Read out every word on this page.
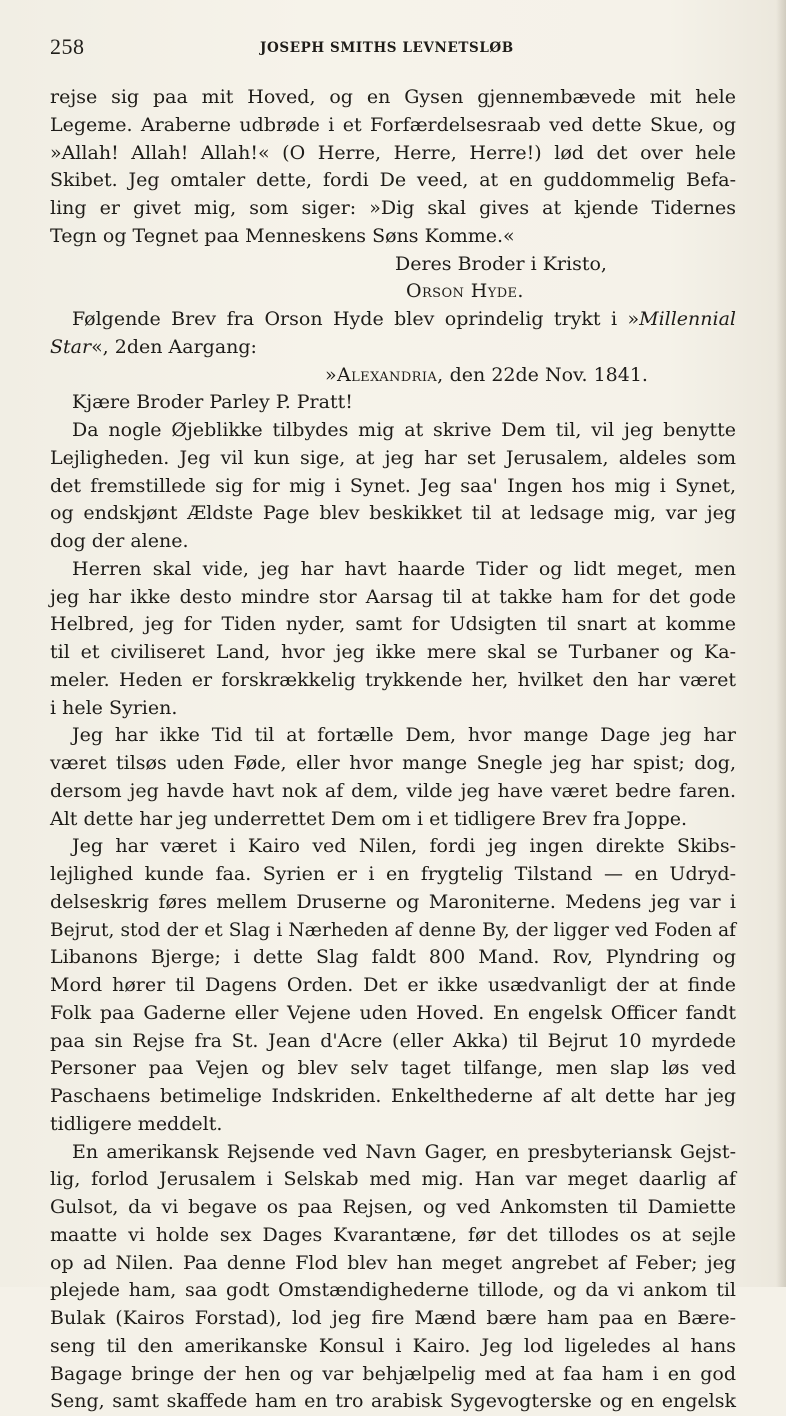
258	JOSEPH SMITHS LEVNETSLØB
rejse sig paa mit Hoved, og en Gysen gjennembævede mit hele
Legeme. Araberne udbrøde i et Forfærdelsesraab ved dette Skue, og
»Allah! Allah! Allah!« (O Herre, Herre, Herre!) lød det over hele
Skibet. Jeg omtaler dette, fordi De veed, at en guddommelig Befa-
ling er givet mig, som siger: »Dig skal gives at kjende Tidernes
Tegn og Tegnet paa Menneskens Søns Komme.«
Deres Broder i Kristo,
Orson Hyde.
Følgende Brev fra Orson Hyde blev oprindelig trykt i »Millennial
Star«, 2den Aargang:
»Alexandria, den 22de Nov. 1841.
Kjære Broder Parley P. Pratt!
Da nogle Øjeblikke tilbydes mig at skrive Dem til, vil jeg benytte
Lejligheden. Jeg vil kun sige, at jeg har set Jerusalem, aldeles som
det fremstillede sig for mig i Synet. Jeg saa' Ingen hos mig i Synet,
og endskjønt Ældste Page blev beskikket til at ledsage mig, var jeg
dog der alene.
Herren skal vide, jeg har havt haarde Tider og lidt meget, men
jeg har ikke desto mindre stor Aarsag til at takke ham for det gode
Helbred, jeg for Tiden nyder, samt for Udsigten til snart at komme
til et civiliseret Land, hvor jeg ikke mere skal se Turbaner og Ka-
meler. Heden er forskrækkelig trykkende her, hvilket den har været
i hele Syrien.
Jeg har ikke Tid til at fortælle Dem, hvor mange Dage jeg har
været tilsøs uden Føde, eller hvor mange Snegle jeg har spist; dog,
dersom jeg havde havt nok af dem, vilde jeg have været bedre faren.
Alt dette har jeg underrettet Dem om i et tidligere Brev fra Joppe.
Jeg har været i Kairo ved Nilen, fordi jeg ingen direkte Skibs-
lejlighed kunde faa. Syrien er i en frygtelig Tilstand — en Udryd-
delseskrig føres mellem Druserne og Maroniterne. Medens jeg var i
Bejrut, stod der et Slag i Nærheden af denne By, der ligger ved Foden af
Libanons Bjerge; i dette Slag faldt 800 Mand. Rov, Plyndring og
Mord hører til Dagens Orden. Det er ikke usædvanligt der at finde
Folk paa Gaderne eller Vejene uden Hoved. En engelsk Officer fandt
paa sin Rejse fra St. Jean d'Acre (eller Akka) til Bejrut 10 myrdede
Personer paa Vejen og blev selv taget tilfange, men slap løs ved
Paschaens betimelige Indskriden. Enkelthederne af alt dette har jeg
tidligere meddelt.
En amerikansk Rejsende ved Navn Gager, en presbyteriansk Gejst-
lig, forlod Jerusalem i Selskab med mig. Han var meget daarlig af
Gulsot, da vi begave os paa Rejsen, og ved Ankomsten til Damiette
maatte vi holde sex Dages Kvarantæne, før det tillodes os at sejle
op ad Nilen. Paa denne Flod blev han meget angrebet af Feber; jeg
plejede ham, saa godt Omstændighederne tillode, og da vi ankom til
Bulak (Kairos Forstad), lod jeg fire Mænd bære ham paa en Bære-
seng til den amerikanske Konsul i Kairo. Jeg lod ligeledes al hans
Bagage bringe der hen og var behjælpelig med at faa ham i en god
Seng, samt skaffede ham en tro arabisk Sygevogterske og en engelsk
